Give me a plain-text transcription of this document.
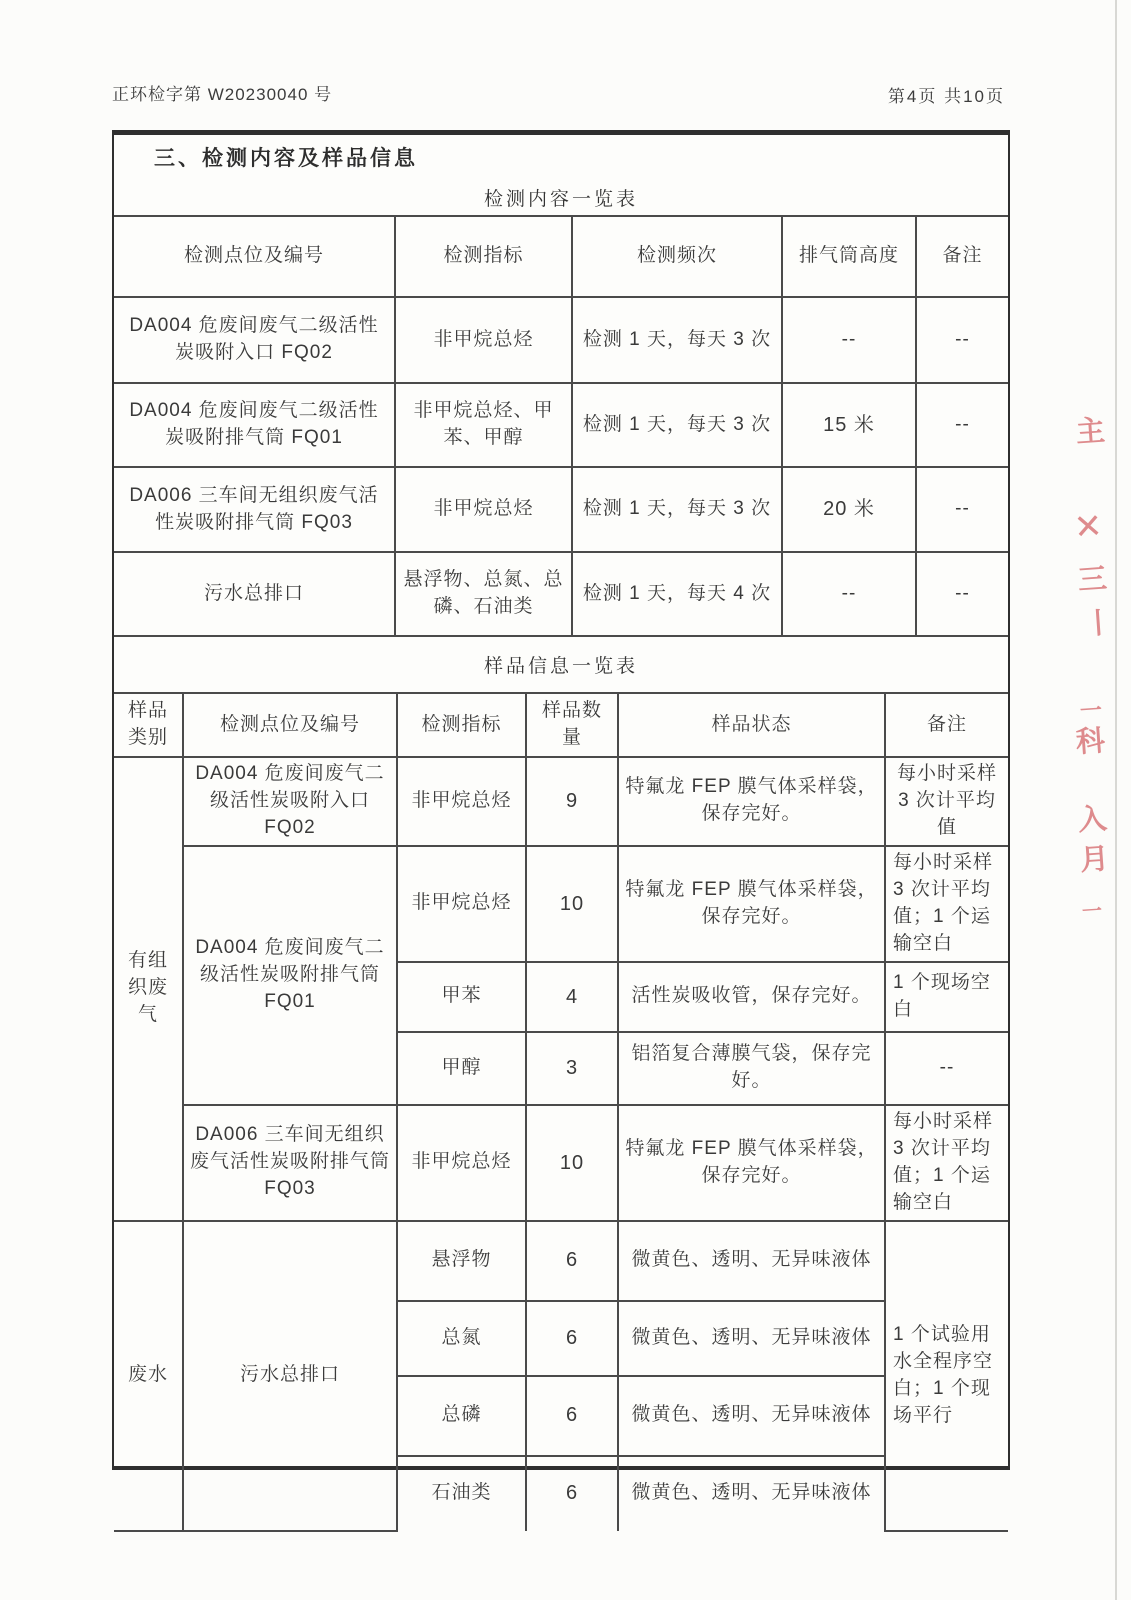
正环检字第 W20230040 号	第4页 共10页
三、检测内容及样品信息
检测内容一览表
检测点位及编号	检测指标	检测频次	排气筒高度	备注
DA004 危废间废气二级活性炭吸附入口 FQ02	非甲烷总烃	检测 1 天，每天 3 次	--	--
DA004 危废间废气二级活性炭吸附排气筒 FQ01	非甲烷总烃、甲苯、甲醇	检测 1 天，每天 3 次	15 米	--
DA006 三车间无组织废气活性炭吸附排气筒 FQ03	非甲烷总烃	检测 1 天，每天 3 次	20 米	--
污水总排口	悬浮物、总氮、总磷、石油类	检测 1 天，每天 4 次	--	--
样品信息一览表
样品类别	检测点位及编号	检测指标	样品数量	样品状态	备注
有组织废气	DA004 危废间废气二级活性炭吸附入口 FQ02	非甲烷总烃	9	特氟龙 FEP 膜气体采样袋，保存完好。	每小时采样 3 次计平均值
	DA004 危废间废气二级活性炭吸附排气筒 FQ01	非甲烷总烃	10	特氟龙 FEP 膜气体采样袋，保存完好。	每小时采样 3 次计平均值；1 个运输空白
		甲苯	4	活性炭吸收管，保存完好。	1 个现场空白
		甲醇	3	铝箔复合薄膜气袋，保存完好。	--
	DA006 三车间无组织废气活性炭吸附排气筒 FQ03	非甲烷总烃	10	特氟龙 FEP 膜气体采样袋，保存完好。	每小时采样 3 次计平均值；1 个运输空白
废水	污水总排口	悬浮物	6	微黄色、透明、无异味液体	1 个试验用水全程序空白；1 个现场平行
		总氮	6	微黄色、透明、无异味液体	
		总磷	6	微黄色、透明、无异味液体	
		石油类	6	微黄色、透明、无异味液体	
主
✕
三
丨
一
科
入
月
一
